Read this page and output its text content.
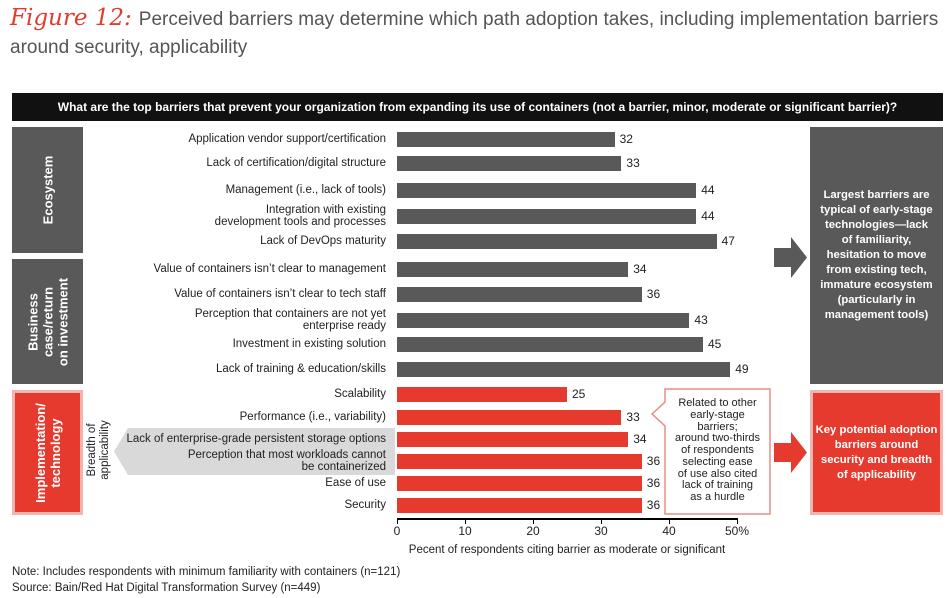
Figure 12: Perceived barriers may determine which path adoption takes, including implementation barriers around security, applicability
What are the top barriers that prevent your organization from expanding its use of containers (not a barrier, minor, moderate or significant barrier)?
Ecosystem
Business
case/return
on investment
Implementation/
technology Breadth of
applicability
Application vendor support/certification	32
Lack of certification/digital structure	33
Management (i.e., lack of tools)	44
Integration with existing
development tools and processes	44
Lack of DevOps maturity	47
Value of containers isn’t clear to management	34
Value of containers isn’t clear to tech staff	36
Perception that containers are not yet
enterprise ready	43
Investment in existing solution	45
Lack of training & education/skills	49
Scalability	25
Performance (i.e., variability)	33
Lack of enterprise-grade persistent storage options	34
Perception that most workloads cannot
be containerized	36
Ease of use	36
Security	36
0	10	20	30	40	50%
Pecent of respondents citing barrier as moderate or significant
Related to other
early-stage
barriers;
around two-thirds
of respondents
selecting ease
of use also cited
lack of training
as a hurdle
Largest barriers are
typical of early-stage
technologies—lack
of familiarity,
hesitation to move
from existing tech,
immature ecosystem
(particularly in
management tools)
Key potential adoption
barriers around
security and breadth
of applicability
Note: Includes respondents with minimum familiarity with containers (n=121)
Source: Bain/Red Hat Digital Transformation Survey (n=449)
